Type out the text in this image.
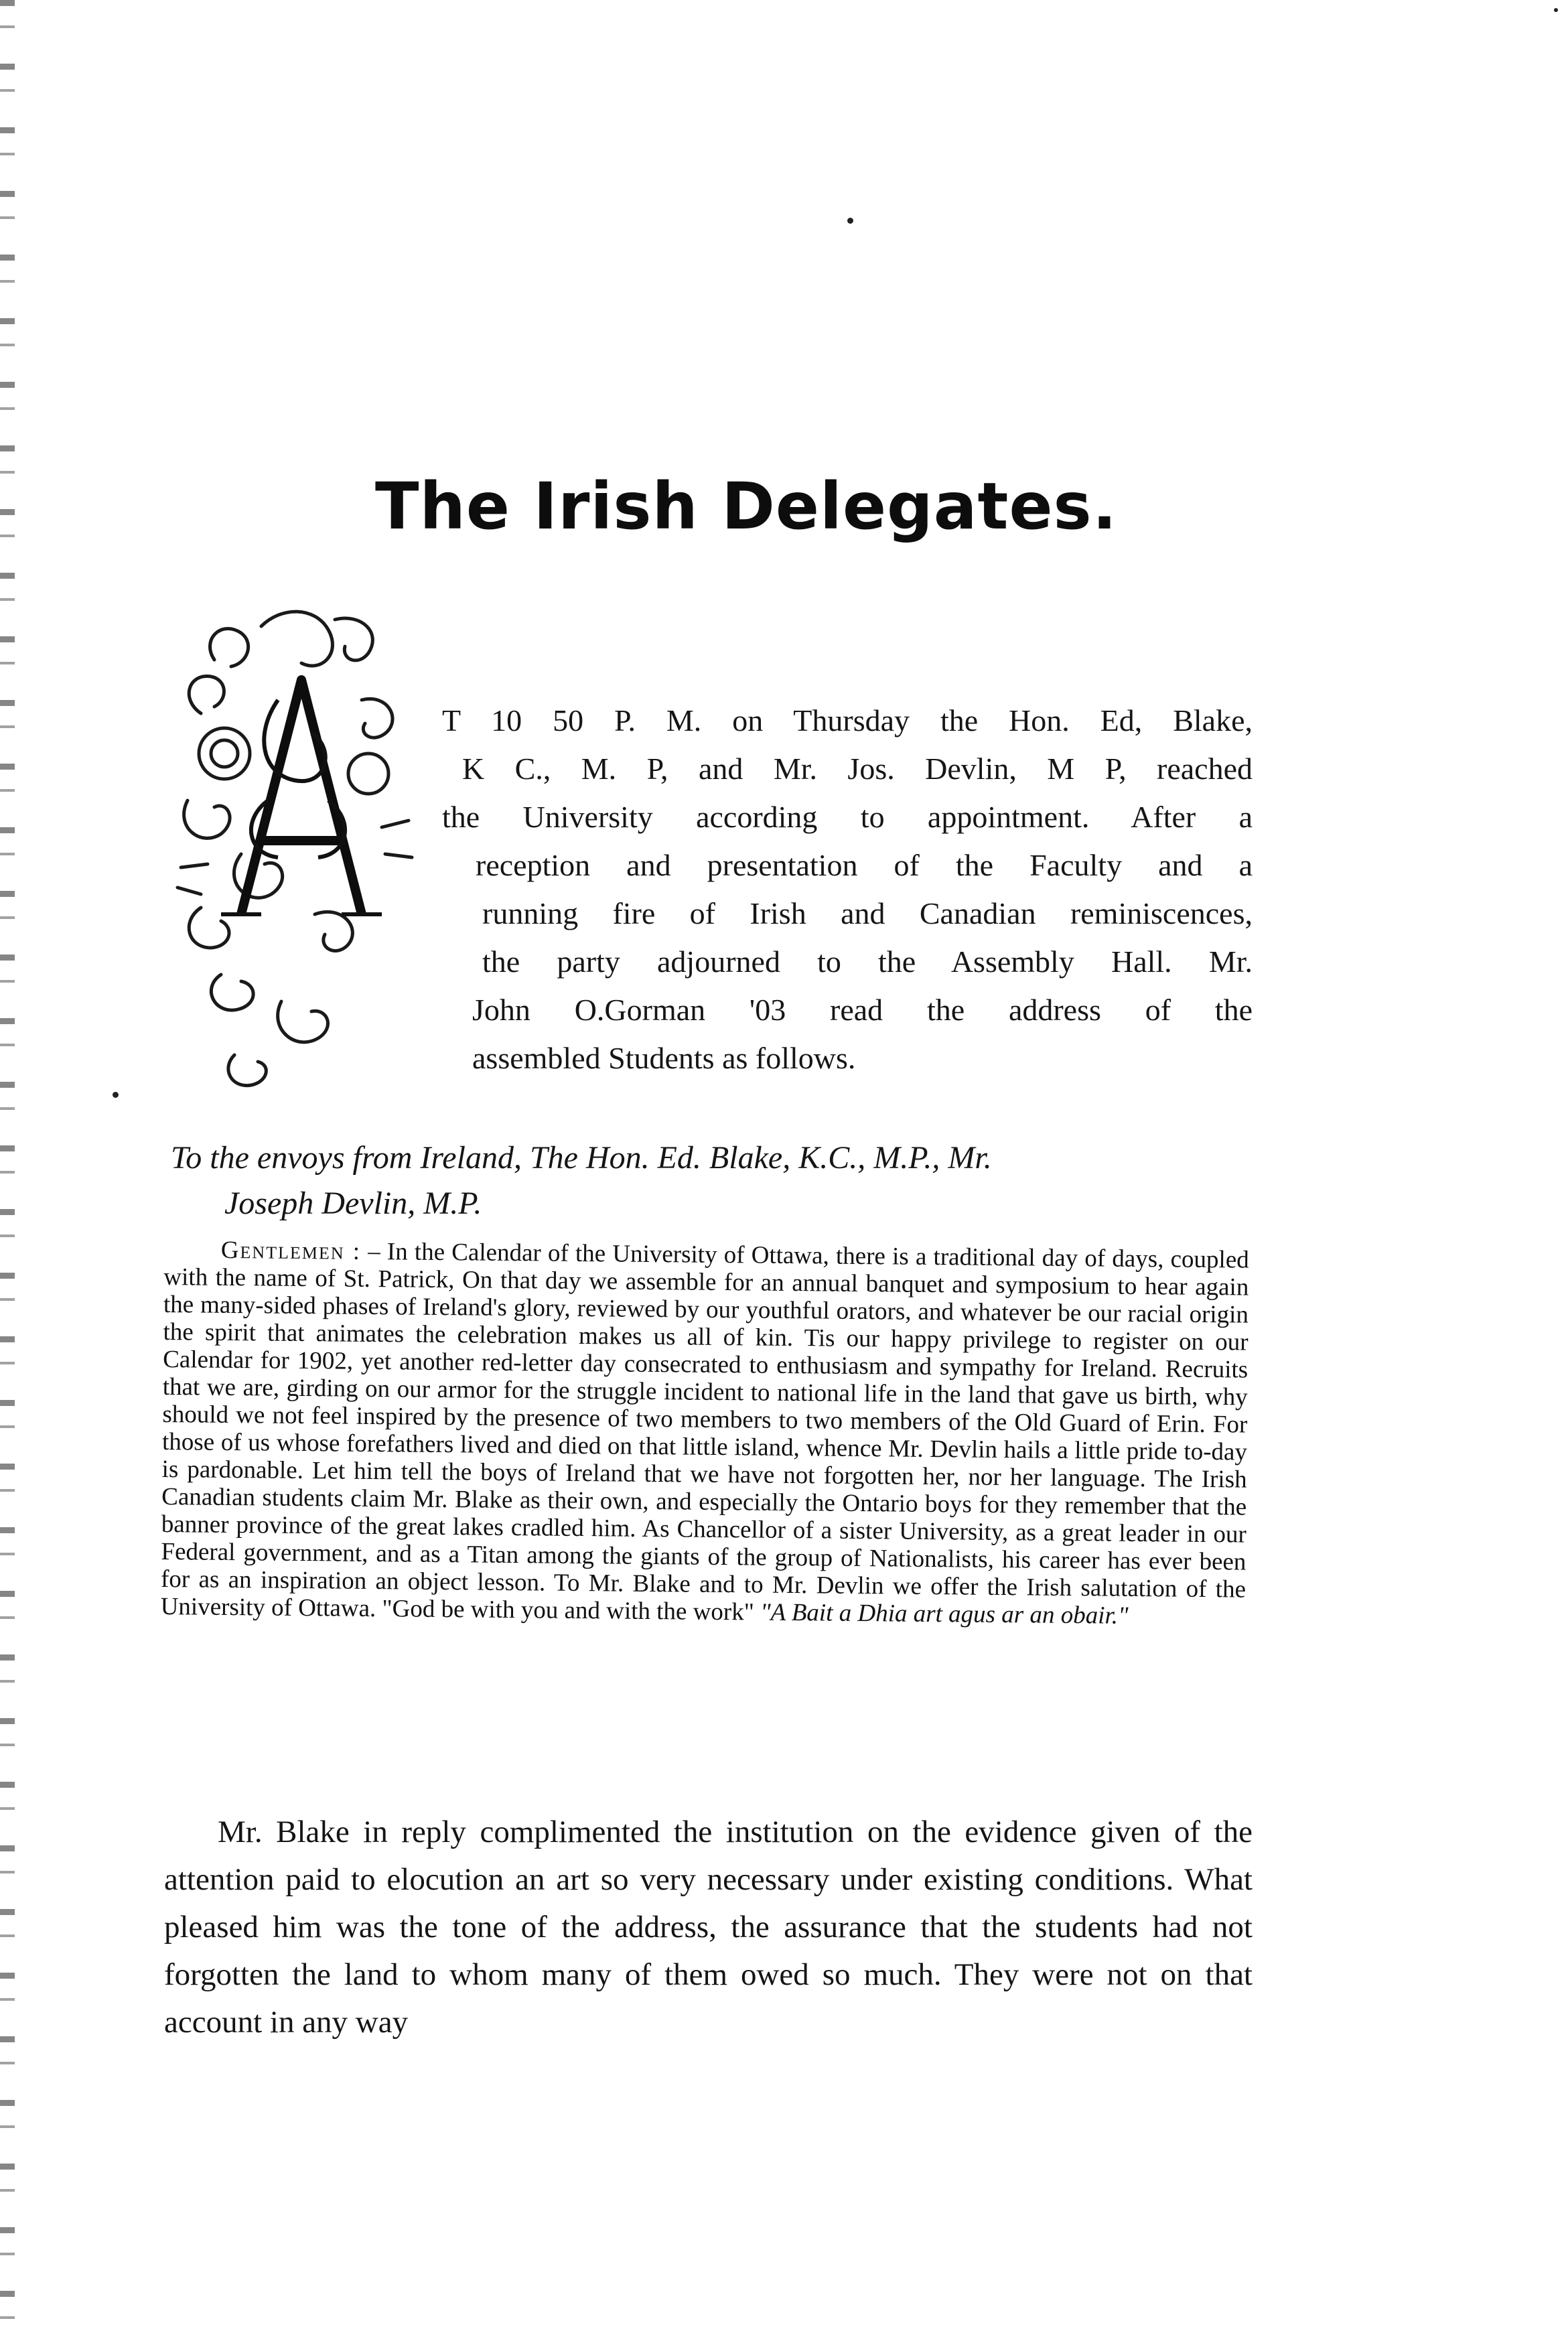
The Irish Delegates.
T 10 50 P. M. on Thursday the Hon. Ed, Blake,
K C., M. P, and Mr. Jos. Devlin, M P, reached
the University according to appointment. After a
reception and presentation of the Faculty and a
running fire of Irish and Canadian reminiscences,
the party adjourned to the Assembly Hall. Mr.
John O.Gorman '03 read the address of the
assembled Students as follows.
To the envoys from Ireland, The Hon. Ed. Blake, K.C., M.P., Mr.
Joseph Devlin, M.P.
Gentlemen : – In the Calendar of the University of Ottawa, there is a traditional day of days, coupled with the name of St. Patrick, On that day we assemble for an annual banquet and symposium to hear again the many-sided phases of Ireland's glory, reviewed by our youthful orators, and whatever be our racial origin the spirit that animates the celebration makes us all of kin. Tis our happy privilege to register on our Calendar for 1902, yet another red-letter day consecrated to enthusiasm and sympathy for Ireland. Recruits that we are, girding on our armor for the struggle incident to national life in the land that gave us birth, why should we not feel inspired by the presence of two members to two members of the Old Guard of Erin. For those of us whose forefathers lived and died on that little island, whence Mr. Devlin hails a little pride to-day is pardonable. Let him tell the boys of Ireland that we have not forgotten her, nor her language. The Irish Canadian students claim Mr. Blake as their own, and especially the Ontario boys for they remember that the banner province of the great lakes cradled him. As Chancellor of a sister University, as a great leader in our Federal government, and as a Titan among the giants of the group of Nationalists, his career has ever been for as an inspiration an object lesson. To Mr. Blake and to Mr. Devlin we offer the Irish salutation of the University of Ottawa. "God be with you and with the work" "A Bait a Dhia art agus ar an obair."
Mr. Blake in reply complimented the institution on the evidence given of the attention paid to elocution an art so very necessary under existing conditions. What pleased him was the tone of the address, the assurance that the students had not forgotten the land to whom many of them owed so much. They were not on that account in any way
